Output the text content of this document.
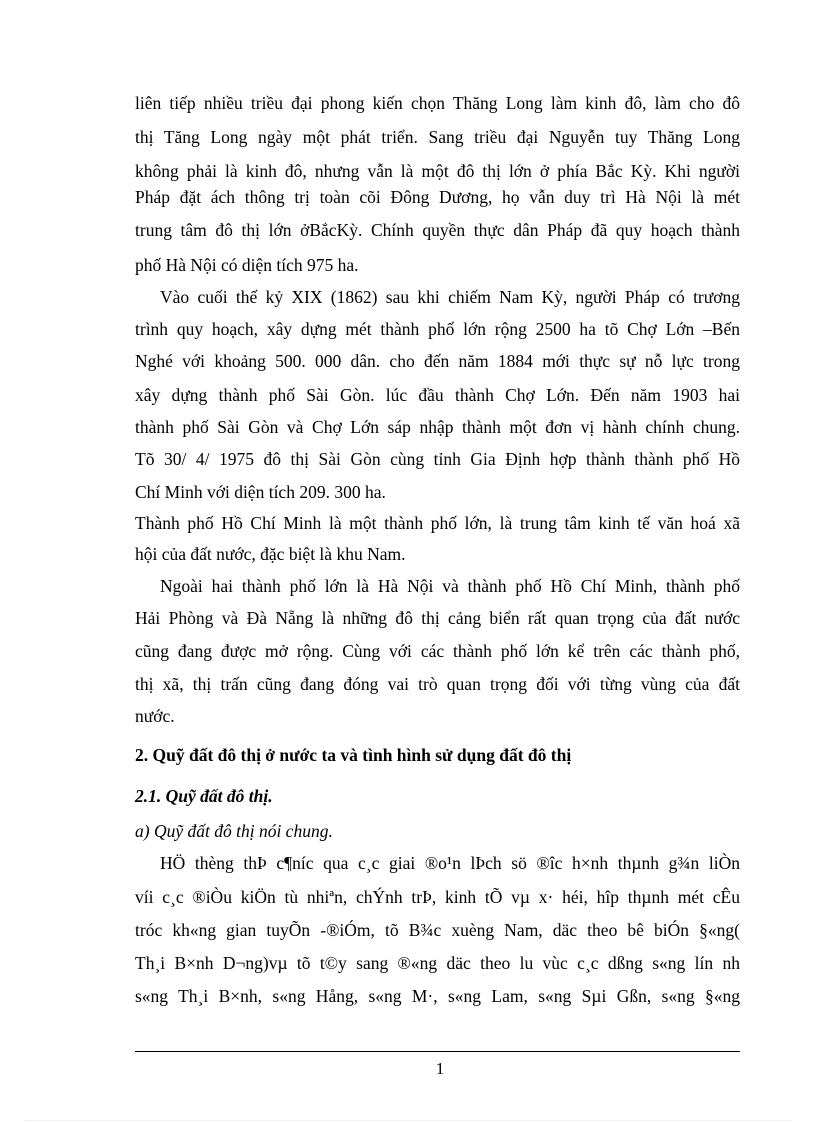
liên tiếp nhiều triều đại phong kiến chọn Thăng Long làm kinh đô, làm cho đô

thị Tăng Long ngày một phát triển. Sang triều đại Nguyễn tuy Thăng Long

không phải là kinh đô, nhưng vẫn là một đô thị lớn ở phía Bắc Kỳ. Khi người

Pháp đặt ách thông trị toàn cõi Đông Dương, họ vẫn duy trì Hà Nội là mét

trung tâm đô thị lớn ởBắcKỳ. Chính quyền thực dân Pháp đã quy hoạch thành

phố Hà Nội có diện tích 975 ha.

Vào cuối thế kỷ XIX (1862) sau khi chiếm Nam Kỳ, người Pháp có trương

trình quy hoạch, xây dựng mét thành phố lớn rộng 2500 ha tõ Chợ Lớn –Bến

Nghé với khoảng 500. 000 dân. cho đến năm 1884 mới thực sự nỗ lực trong

xây dựng thành phố Sài Gòn. lúc đầu thành Chợ Lớn. Đến năm 1903 hai

thành phố Sài Gòn và Chợ Lớn sáp nhập thành một đơn vị hành chính chung.

Tõ 30/ 4/ 1975 đô thị Sài Gòn cùng tỉnh Gia Định hợp thành thành phố Hồ

Chí Minh với diện tích 209. 300 ha.

Thành phố Hồ Chí Minh là một thành phố lớn, là trung tâm kinh tế văn hoá xã

hội của đất nước, đặc biệt là khu Nam.

Ngoài hai thành phố lớn là Hà Nội và thành phố Hồ Chí Minh, thành phố

Hải Phòng và Đà Nẵng là những đô thị cảng biển rất quan trọng của đất nước

cũng đang được mở rộng. Cùng với các thành phố lớn kể trên các thành phố,

thị xã, thị trấn cũng đang đóng vai trò quan trọng đối với từng vùng của đất

nước.

2. Quỹ đất đô thị ở nước ta và tình hình sử dụng đất đô thị

2.1. Quỹ đất đô thị.

a) Quỹ đất đô thị nói chung.

HÖ thèng thÞ c¶níc qua c¸c giai ®o¹n lÞch sö ®îc h×nh thµnh g¾n liÒn

víi c¸c ®iÒu kiÖn tù nhiªn, chÝnh trÞ, kinh tÕ vµ x· héi, hîp thµnh mét cÊu

tróc kh«ng gian tuyÕn -®iÓm, tõ B¾c xuèng Nam, däc theo bê biÓn §«ng(

Th¸i B×nh D¬ng)vµ tõ t©y sang ®«ng däc theo lu vùc c¸c dßng s«ng lín nh

s«ng Th¸i B×nh, s«ng Hång, s«ng M·, s«ng Lam, s«ng Sµi Gßn, s«ng §«ng

1
